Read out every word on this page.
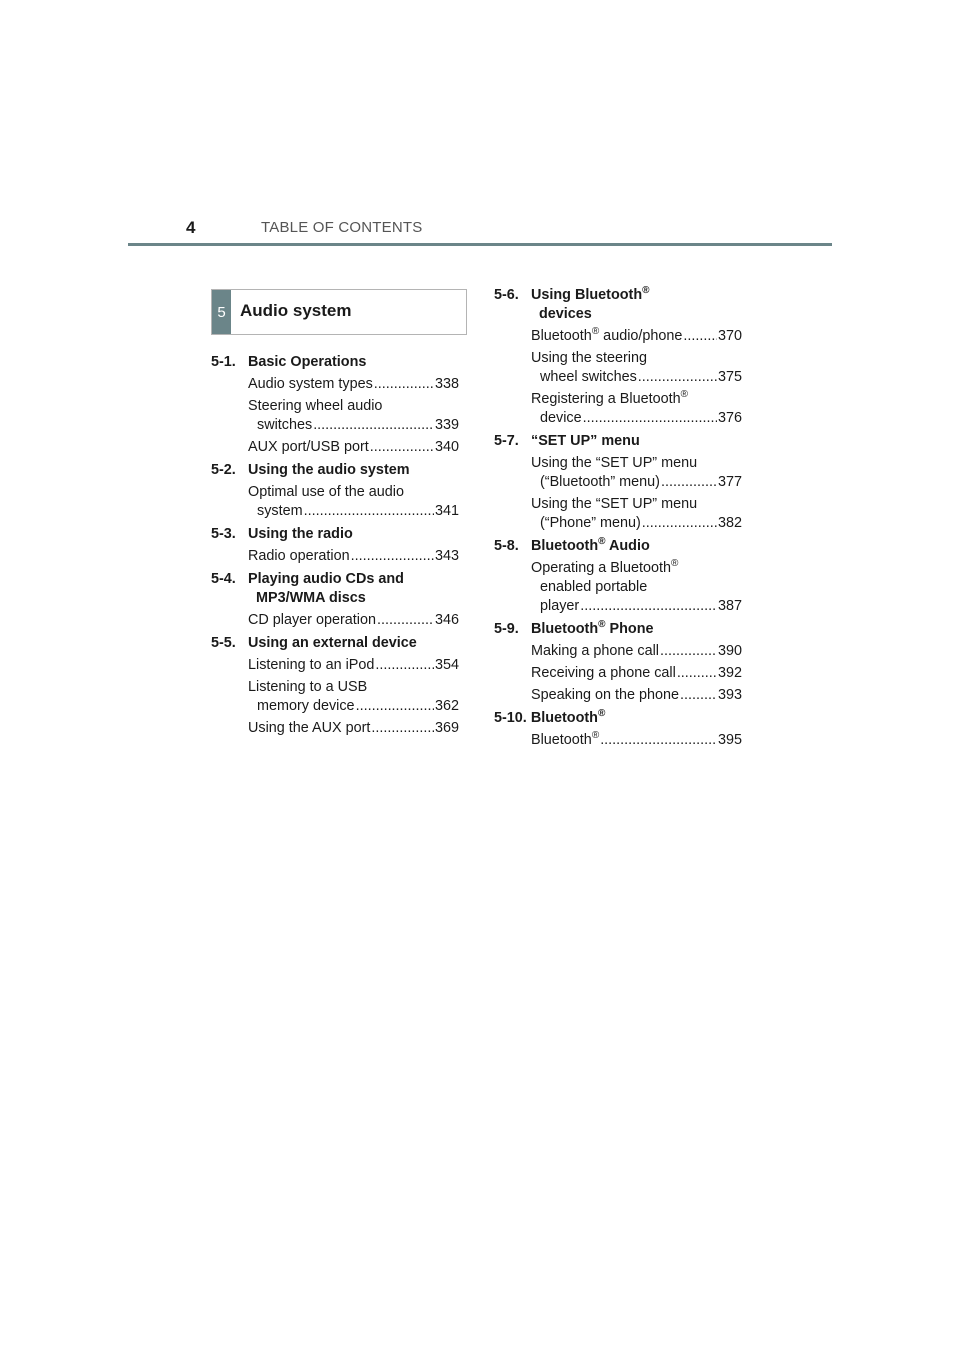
4	TABLE OF CONTENTS
5 Audio system
5-1. Basic Operations
Audio system types .....	338
Steering wheel audio
switches .....	339
AUX port/USB port .....	340
5-2. Using the audio system
Optimal use of the audio
system .....	341
5-3. Using the radio
Radio operation .....	343
5-4. Playing audio CDs and
MP3/WMA discs
CD player operation .....	346
5-5. Using an external device
Listening to an iPod .....	354
Listening to a USB
memory device .....	362
Using the AUX port .....	369
5-6. Using Bluetooth®
devices
Bluetooth® audio/phone ..... 370
Using the steering
wheel switches .....	375
Registering a Bluetooth®
device .....	376
5-7. “SET UP” menu
Using the “SET UP” menu
(“Bluetooth” menu) .....	377
Using the “SET UP” menu
(“Phone” menu) .....	382
5-8. Bluetooth® Audio
Operating a Bluetooth®
enabled portable
player .....	387
5-9. Bluetooth® Phone
Making a phone call .....	390
Receiving a phone call .....	392
Speaking on the phone .....	393
5-10. Bluetooth®
Bluetooth® .....	395
